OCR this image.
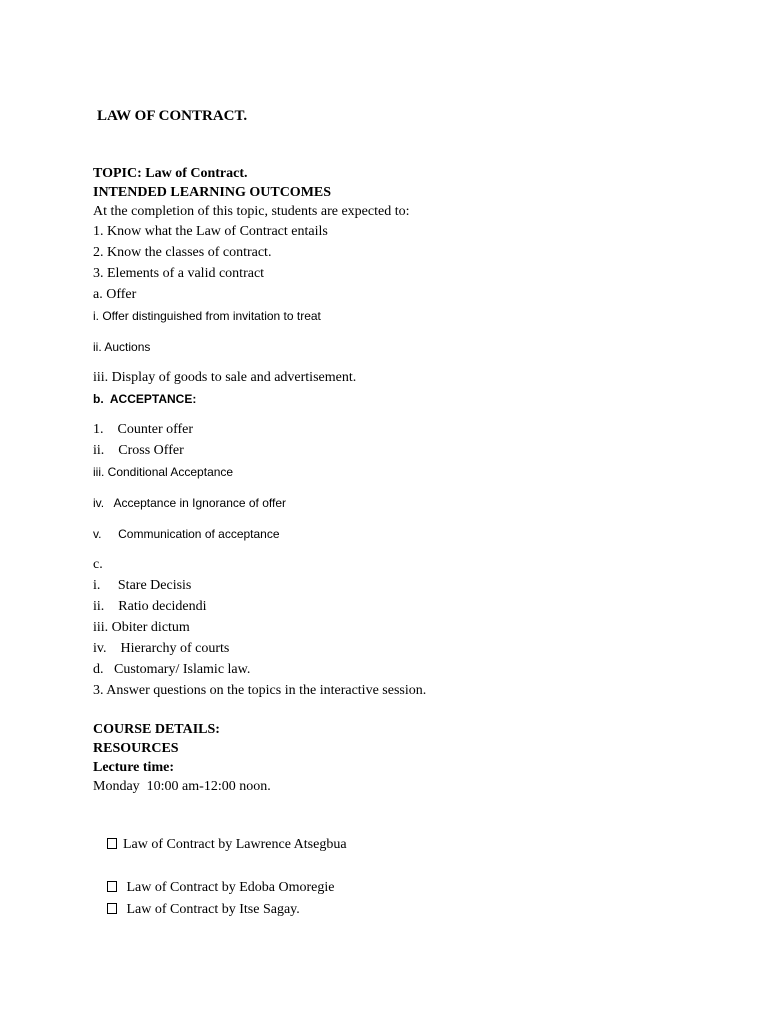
LAW OF CONTRACT.
TOPIC: Law of Contract.
INTENDED LEARNING OUTCOMES
At the completion of this topic, students are expected to:
1. Know what the Law of Contract entails
2. Know the classes of contract.
3. Elements of a valid contract
a. Offer
i. Offer distinguished from invitation to treat
ii. Auctions
iii. Display of goods to sale and advertisement.
b.  ACCEPTANCE:
1.    Counter offer
ii.    Cross Offer
iii. Conditional Acceptance
iv.   Acceptance in Ignorance of offer
v.     Communication of acceptance
c.
i.     Stare Decisis
ii.    Ratio decidendi
iii. Obiter dictum
iv.    Hierarchy of courts
d.   Customary/ Islamic law.
3. Answer questions on the topics in the interactive session.
COURSE DETAILS:
RESOURCES
Lecture time:
Monday  10:00 am-12:00 noon.

Law of Contract by Lawrence Atsegbua

Law of Contract by Edoba Omoregie

Law of Contract by Itse Sagay.
